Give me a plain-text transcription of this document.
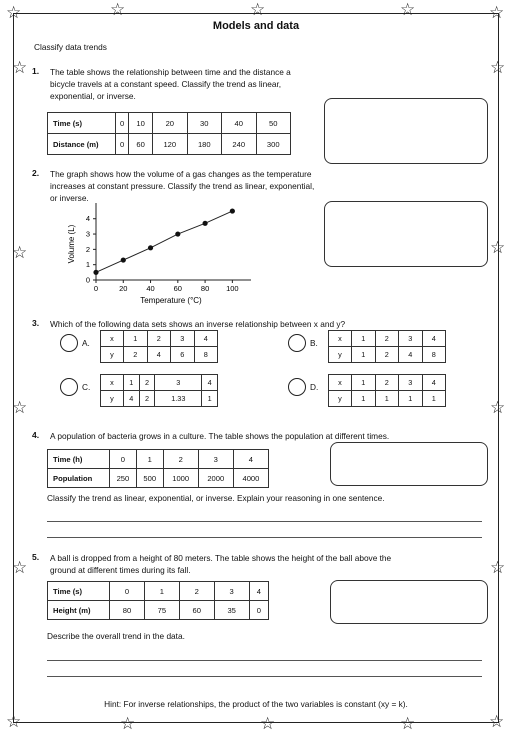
☆	☆
☆	☆
☆
☆
☆
☆
☆
☆
☆
☆
☆	☆	☆
☆	☆	☆
Models and data
Classify data trends
1. The table shows the relationship between time and the distance a
bicycle travels at a constant speed. Classify the trend as linear,
exponential, or inverse.
Time (s)	0	10	20	30	40	50
Distance (m)	0	60	120	180	240	300
2. The graph shows how the volume of a gas changes as the temperature
increases at constant pressure. Classify the trend as linear, exponential,
or inverse.
0	20	40	60	80 100
0
1
2
3
4
Temperature (°C)
Volume (L)
3. Which of the following data sets shows an inverse relationship between x and y?
A.	x	1	2	3	4
y	2	4	6	8
B.	x	1	2	3	4
y	1	2	4	8
C.	x	1	2	3	4
y	4	2	1.33	1
D.	x	1	2	3	4
y	1	1	1	1
4. A population of bacteria grows in a culture. The table shows the population at different times.
Time (h)	0	1	2	3	4
Population	250	500	1000	2000	4000
Classify the trend as linear, exponential, or inverse. Explain your reasoning in one sentence.
5. A ball is dropped from a height of 80 meters. The table shows the height of the ball above the
ground at different times during its fall.
Time (s)	0	1	2	3	4
Height (m)	80	75	60	35	0
Describe the overall trend in the data.
Hint: For inverse relationships, the product of the two variables is constant (xy = k).
